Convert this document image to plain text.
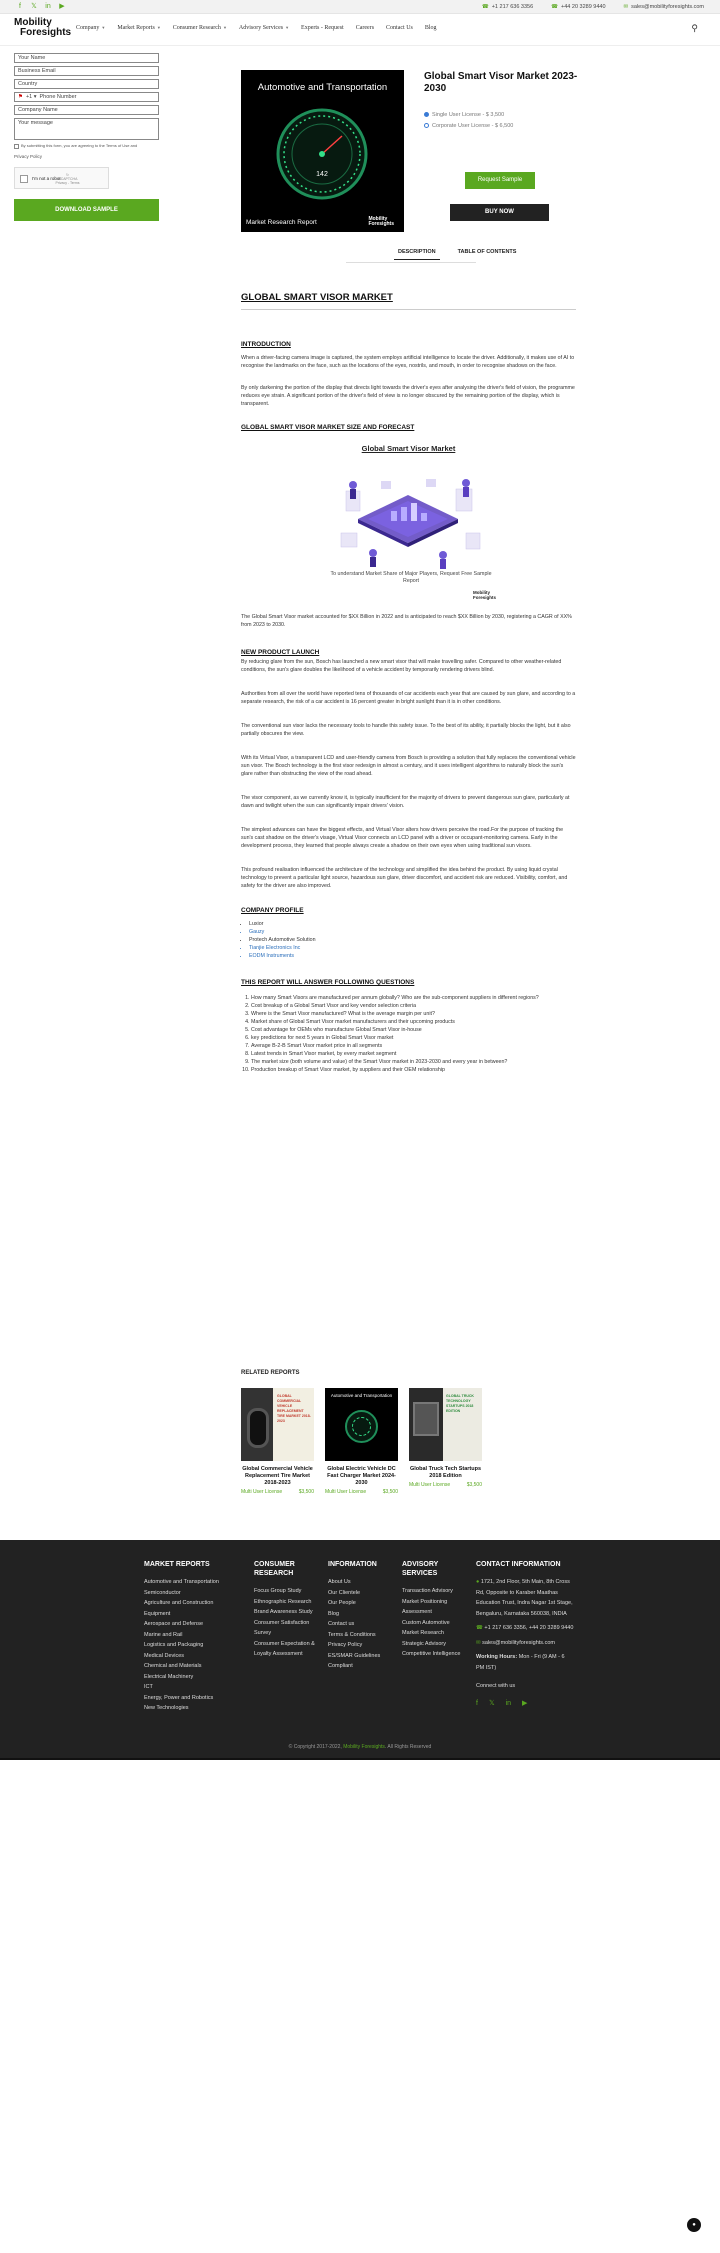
f	𝕏 in ▶	☎ +1 217 636 3356	☎ +44 20 3289 9440	✉ sales@mobilityforesights.com
Mobility
Foresights Company ▼ Market Reports ▼ Consumer Research ▼ Advisory Services ▼ Experts - Request Careers Contact Us Blog	⚲
Your Name
Business Email
Country
⚑ +1 ▾ Phone Number
Company Name
Your message
By submitting this form, you are agreeing to the Terms of Use and
Privacy Policy
I'm not a robot
↻
reCAPTCHA
Privacy - Terms
DOWNLOAD SAMPLE
Automotive and Transportation
142
Market Research Report	Mobility
Foresights
Global Smart Visor Market 2023-2030
Single User License - $ 3,500
Corporate User License - $ 6,500
Request Sample
BUY NOW
DESCRIPTION	TABLE OF CONTENTS
GLOBAL SMART VISOR MARKET
INTRODUCTION

When a driver-facing camera image is captured, the system employs artificial intelligence to locate the driver. Additionally, it makes use of AI to recognise the landmarks on the face, such as the locations of the eyes, nostrils, and mouth, in order to recognise shadows on the face.

By only darkening the portion of the display that directs light towards the driver's eyes after analysing the driver's field of vision, the programme reduces eye strain. A significant portion of the driver's field of view is no longer obscured by the remaining portion of the display, which is transparent.

GLOBAL SMART VISOR MARKET SIZE AND FORECAST
Global Smart Visor Market
To understand Market Share of Major Players, Request Free Sample Report
Mobility
Foresights

The Global Smart Visor market accounted for $XX Billion in 2022 and is anticipated to reach $XX Billion by 2030, registering a CAGR of XX% from 2023 to 2030.

NEW PRODUCT LAUNCH

By reducing glare from the sun, Bosch has launched a new smart visor that will make travelling safer. Compared to other weather-related conditions, the sun's glare doubles the likelihood of a vehicle accident by temporarily rendering drivers blind.

Authorities from all over the world have reported tens of thousands of car accidents each year that are caused by sun glare, and according to a separate research, the risk of a car accident is 16 percent greater in bright sunlight than it is in other conditions.

The conventional sun visor lacks the necessary tools to handle this safety issue. To the best of its ability, it partially blocks the light, but it also partially obscures the view.

With its Virtual Visor, a transparent LCD and user-friendly camera from Bosch is providing a solution that fully replaces the conventional vehicle sun visor. The Bosch technology is the first visor redesign in almost a century, and it uses intelligent algorithms to naturally block the sun's glare rather than obstructing the view of the road ahead.

The visor component, as we currently know it, is typically insufficient for the majority of drivers to prevent dangerous sun glare, particularly at dawn and twilight when the sun can significantly impair drivers' vision.

The simplest advances can have the biggest effects, and Virtual Visor alters how drivers perceive the road.For the purpose of tracking the sun's cast shadow on the driver's visage, Virtual Visor connects an LCD panel with a driver or occupant-monitoring camera. Early in the development process, they learned that people always create a shadow on their own eyes when using traditional sun visors.

This profound realisation influenced the architecture of the technology and simplified the idea behind the product. By using liquid crystal technology to prevent a particular light source, hazardous sun glare, driver discomfort, and accident risk are reduced. Visibility, comfort, and safety for the driver are also improved.

COMPANY PROFILE
• Luxior
• Gauzy
• Protech Automotive Solution
• Tianjie Electronics Inc
• EODM Instruments
THIS REPORT WILL ANSWER FOLLOWING QUESTIONS
1. How many Smart Visors are manufactured per annum globally? Who are the sub-component suppliers in different regions?
2. Cost breakup of a Global Smart Visor and key vendor selection criteria
3. Where is the Smart Visor manufactured? What is the average margin per unit?
4. Market share of Global Smart Visor market manufacturers and their upcoming products
5. Cost advantage for OEMs who manufacture Global Smart Visor in-house
6. key predictions for next 5 years in Global Smart Visor market
7. Average B-2-B Smart Visor market price in all segments
8. Latest trends in Smart Visor market, by every market segment
9. The market size (both volume and value) of the Smart Visor market in 2023-2030 and every year in between?
10. Production breakup of Smart Visor market, by suppliers and their OEM relationship
RELATED REPORTS
GLOBAL COMMERCIAL VEHICLE REPLACEMENT TIRE MARKET 2018-2023
Global Commercial Vehicle Replacement Tire Market 2018-2023
Multi User License	$3,500
Automotive and Transportation
Global Electric Vehicle DC Fast Charger Market 2024-2030
Multi User License	$3,500
GLOBAL TRUCK TECHNOLOGY STARTUPS 2018 EDITION
Global Truck Tech Startups 2018 Edition
Multi User License	$3,500
MARKET REPORTS
Automotive and Transportation
Semiconductor
Agriculture and Construction Equipment
Aerospace and Defense
Marine and Rail
Logistics and Packaging
Medical Devices
Chemical and Materials
Electrical Machinery
ICT
Energy, Power and Robotics
New Technologies
CONSUMER RESEARCH
Focus Group Study
Ethnographic Research
Brand Awareness Study
Consumer Satisfaction Survey
Consumer Expectation & Loyalty Assessment
INFORMATION
About Us
Our Clientele
Our People
Blog
Contact us
Terms & Conditions
Privacy Policy
ES/SMAR Guidelines Compliant
ADVISORY SERVICES
Transaction Advisory
Market Positioning Assessment
Custom Automotive Market Research
Strategic Advisory
Competitive Intelligence
CONTACT INFORMATION
● 1721, 2nd Floor, 5th Main, 8th Cross Rd, Opposite to Karaber Maathas Education Trust, Indra Nagar 1st Stage, Bengaluru, Karnataka 560038, INDIA
☎ +1 217 636 3356, +44 20 3289 9440
✉ sales@mobilityforesights.com
Working Hours: Mon - Fri (9 AM - 6 PM IST)
Connect with us
f 𝕏 in ▶
© Copyright 2017-2022, Mobility Foresights. All Rights Reserved
●
